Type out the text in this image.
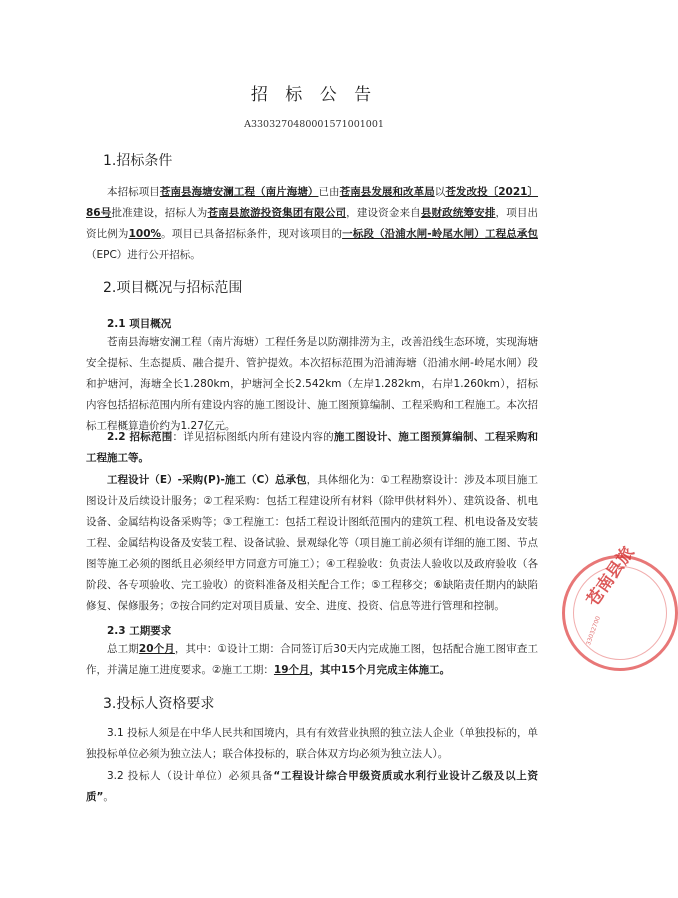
招 标 公 告
A3303270480001571001001
1.招标条件
本招标项目苍南县海塘安澜工程（南片海塘）已由苍南县发展和改革局以苍发改投〔2021〕86号批准建设，招标人为苍南县旅游投资集团有限公司，建设资金来自县财政统筹安排，项目出资比例为100%。项目已具备招标条件，现对该项目的一标段（沿浦水闸-岭尾水闸）工程总承包（EPC）进行公开招标。
2.项目概况与招标范围
2.1 项目概况
苍南县海塘安澜工程（南片海塘）工程任务是以防潮排涝为主，改善沿线生态环境，实现海塘安全提标、生态提质、融合提升、管护提效。本次招标范围为沿浦海塘（沿浦水闸-岭尾水闸）段和护塘河，海塘全长1.280km，护塘河全长2.542km（左岸1.282km，右岸1.260km），招标内容包括招标范围内所有建设内容的施工图设计、施工图预算编制、工程采购和工程施工。本次招标工程概算造价约为1.27亿元。
2.2 招标范围：详见招标图纸内所有建设内容的施工图设计、施工图预算编制、工程采购和工程施工等。
工程设计（E）-采购(P)-施工（C）总承包，具体细化为：①工程勘察设计：涉及本项目施工图设计及后续设计服务；②工程采购：包括工程建设所有材料（除甲供材料外）、建筑设备、机电设备、金属结构设备采购等；③工程施工：包括工程设计图纸范围内的建筑工程、机电设备及安装工程、金属结构设备及安装工程、设备试验、景观绿化等（项目施工前必须有详细的施工图、节点图等施工必须的图纸且必须经甲方同意方可施工）；④工程验收：负责法人验收以及政府验收（各阶段、各专项验收、完工验收）的资料准备及相关配合工作；⑤工程移交；⑥缺陷责任期内的缺陷修复、保修服务；⑦按合同约定对项目质量、安全、进度、投资、信息等进行管理和控制。
2.3 工期要求
总工期20个月，其中：①设计工期：合同签订后30天内完成施工图，包括配合施工图审查工作，并满足施工进度要求。②施工工期：19个月，其中15个月完成主体施工。
3.投标人资格要求
3.1 投标人须是在中华人民共和国境内，具有有效营业执照的独立法人企业（单独投标的，单独投标单位必须为独立法人；联合体投标的，联合体双方均必须为独立法人）。
3.2 投标人（设计单位）必须具备“工程设计综合甲级资质或水利行业设计乙级及以上资质”。
苍南县旅
33032700
